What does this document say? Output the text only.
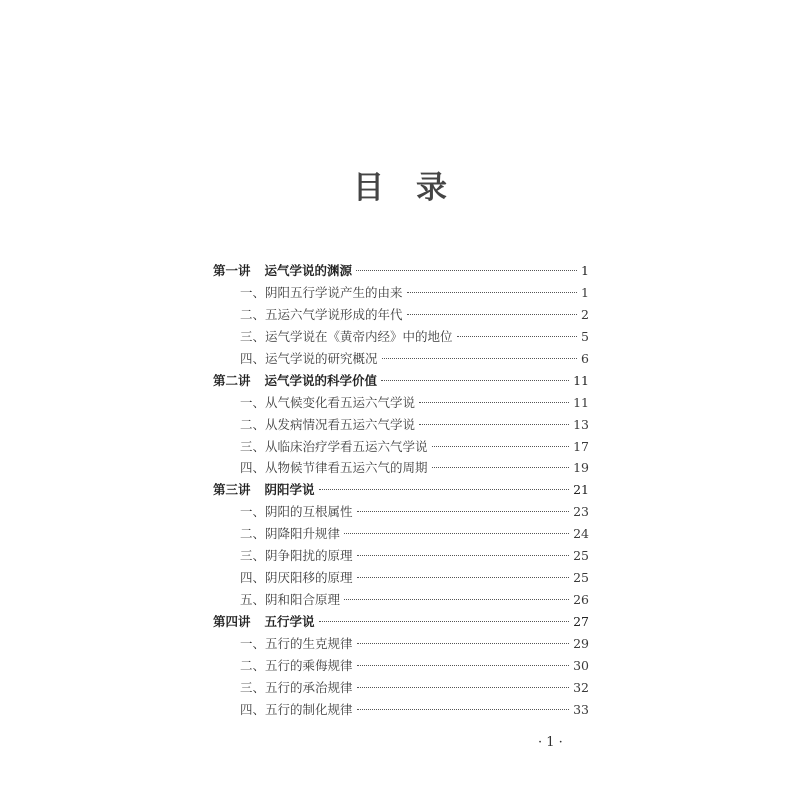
目 录
第一讲 运气学说的渊源	1
一、阴阳五行学说产生的由来	1
二、五运六气学说形成的年代	2
三、运气学说在《黄帝内经》中的地位	5
四、运气学说的研究概况	6
第二讲 运气学说的科学价值	11
一、从气候变化看五运六气学说	11
二、从发病情况看五运六气学说	13
三、从临床治疗学看五运六气学说	17
四、从物候节律看五运六气的周期	19
第三讲 阴阳学说	21
一、阴阳的互根属性	23
二、阴降阳升规律	24
三、阴争阳扰的原理	25
四、阴厌阳移的原理	25
五、阴和阳合原理	26
第四讲 五行学说	27
一、五行的生克规律	29
二、五行的乘侮规律	30
三、五行的承治规律	32
四、五行的制化规律	33
· 1 ·
